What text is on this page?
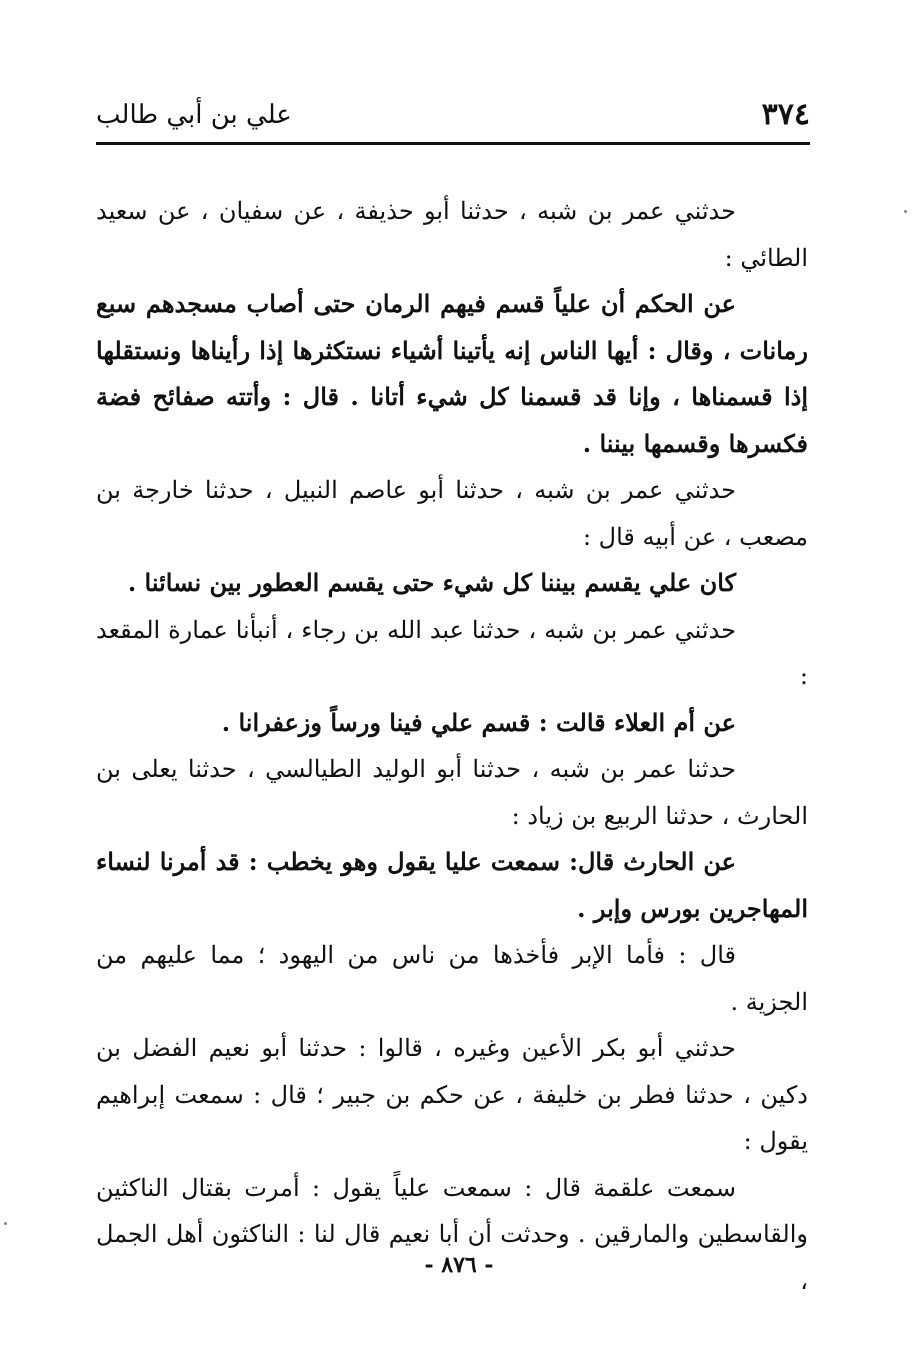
٣٧٤
علي بن أبي طالب

حدثني عمر بن شبه ، حدثنا أبو حذيفة ، عن سفيان ، عن سعيد الطائي :

عن الحكم أن علياً قسم فيهم الرمان حتى أصاب مسجدهم سبع رمانات ، وقال : أيها الناس إنه يأتينا أشياء نستكثرها إذا رأيناها ونستقلها إذا قسمناها ، وإنا قد قسمنا كل شيء أتانا . قال : وأتته صفائح فضة فكسرها وقسمها بيننا .

حدثني عمر بن شبه ، حدثنا أبو عاصم النبيل ، حدثنا خارجة بن مصعب ، عن أبيه قال :

كان علي يقسم بيننا كل شيء حتى يقسم العطور بين نسائنا .

حدثني عمر بن شبه ، حدثنا عبد الله بن رجاء ، أنبأنا عمارة المقعد :

عن أم العلاء قالت : قسم علي فينا ورساً وزعفرانا .

حدثنا عمر بن شبه ، حدثنا أبو الوليد الطيالسي ، حدثنا يعلى بن الحارث ، حدثنا الربيع بن زياد :

عن الحارث قال: سمعت عليا يقول وهو يخطب : قد أمرنا لنساء المهاجرين بورس وإبر .

قال : فأما الإبر فأخذها من ناس من اليهود ؛ مما عليهم من الجزية .

حدثني أبو بكر الأعين وغيره ، قالوا : حدثنا أبو نعيم الفضل بن دكين ، حدثنا فطر بن خليفة ، عن حكم بن جبير ؛ قال : سمعت إبراهيم يقول :

سمعت علقمة قال : سمعت علياً يقول : أمرت بقتال الناكثين والقاسطين والمارقين . وحدثت أن أبا نعيم قال لنا : الناكثون أهل الجمل ،

- ٨٧٦ -
